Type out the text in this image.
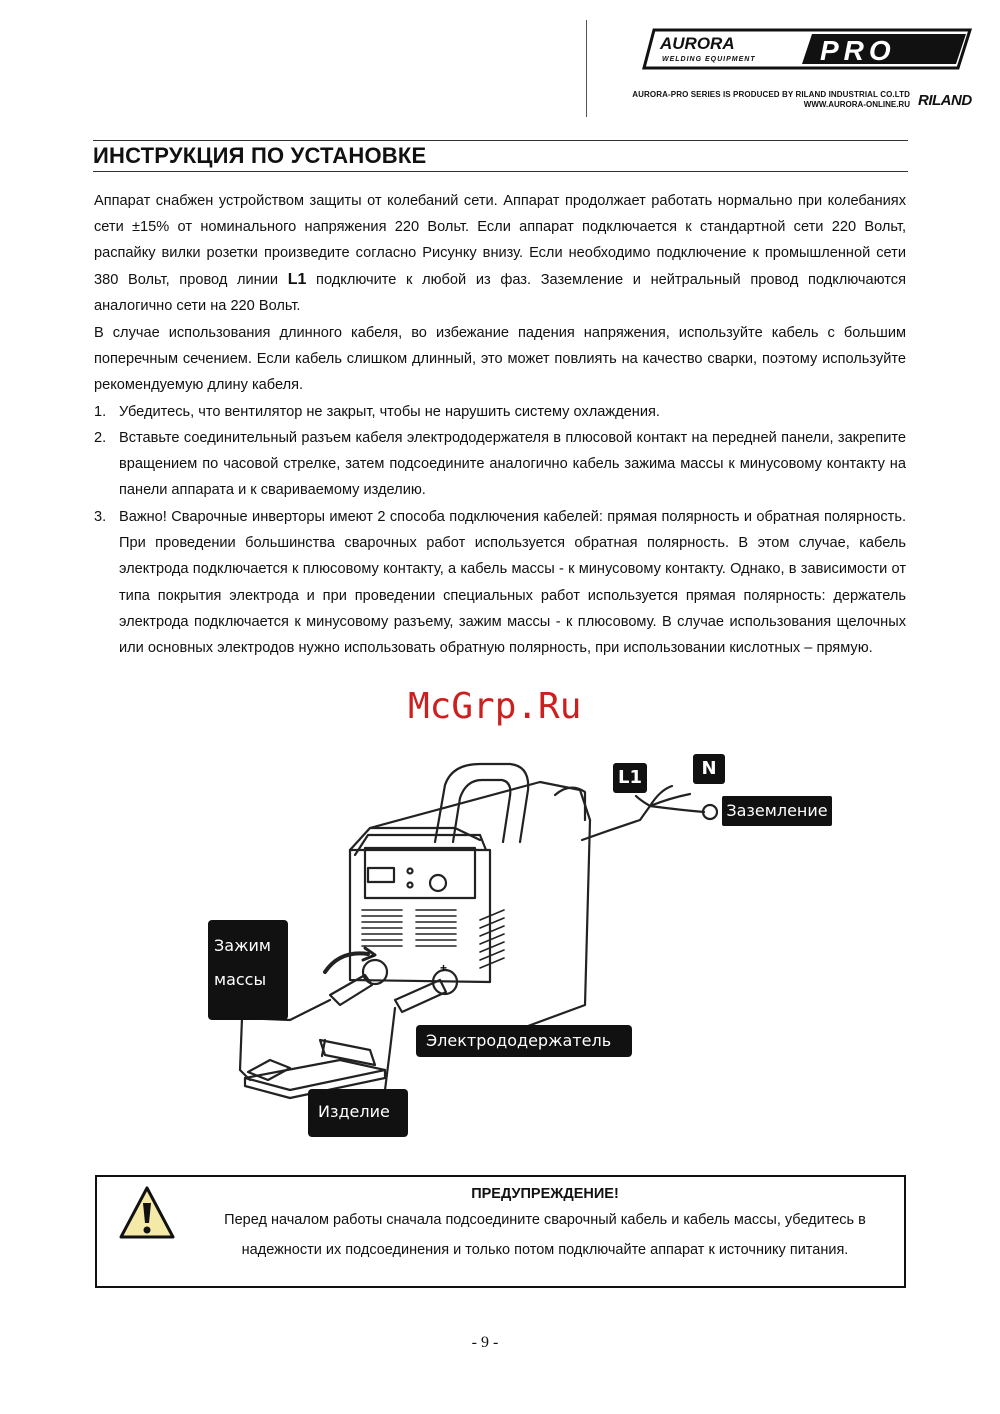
AURORA
WELDING EQUIPMENT PRO
AURORA-PRO SERIES IS PRODUCED BY RILAND INDUSTRIAL CO.LTD
WWW.AURORA-ONLINE.RU RILAND
ИНСТРУКЦИЯ ПО УСТАНОВКЕ
Аппарат снабжен устройством защиты от колебаний сети. Аппарат продолжает работать нормально при колебаниях сети ±15% от номинального напряжения 220 Вольт. Если аппарат подключается к стандартной сети 220 Вольт, распайку вилки розетки произведите согласно Рисунку внизу. Если необходимо подключение к промышленной сети 380 Вольт, провод линии L1 подключите к любой из фаз. Заземление и нейтральный провод подключаются аналогично сети на 220 Вольт.
В случае использования длинного кабеля, во избежание падения напряжения, используйте кабель с большим поперечным сечением. Если кабель слишком длинный, это может повлиять на качество сварки, поэтому используйте рекомендуемую длину кабеля.
1. Убедитесь, что вентилятор не закрыт, чтобы не нарушить систему охлаждения.
2. Вставьте соединительный разъем кабеля электрододержателя в плюсовой контакт на передней панели, закрепите вращением по часовой стрелке, затем подсоедините аналогично кабель зажима массы к минусовому контакту на панели аппарата и к свариваемому изделию.
3. Важно! Сварочные инверторы имеют 2 способа подключения кабелей: прямая полярность и обратная полярность. При проведении большинства сварочных работ используется обратная полярность. В этом случае, кабель электрода подключается к плюсовому контакту, а кабель массы - к минусовому контакту. Однако, в зависимости от типа покрытия электрода и при проведении специальных работ используется прямая полярность: держатель электрода подключается к минусовому разъему, зажим массы - к плюсовому. В случае использования щелочных или основных электродов нужно использовать обратную полярность, при использовании кислотных – прямую.
McGrp.Ru
-
+
L1	N
Заземление
Зажим
массы
Электрододержатель
Изделие
ПРЕДУПРЕЖДЕНИЕ!
Перед началом работы сначала подсоедините сварочный кабель и кабель массы, убедитесь в
надежности их подсоединения и только потом подключайте аппарат к источнику питания.
- 9 -
